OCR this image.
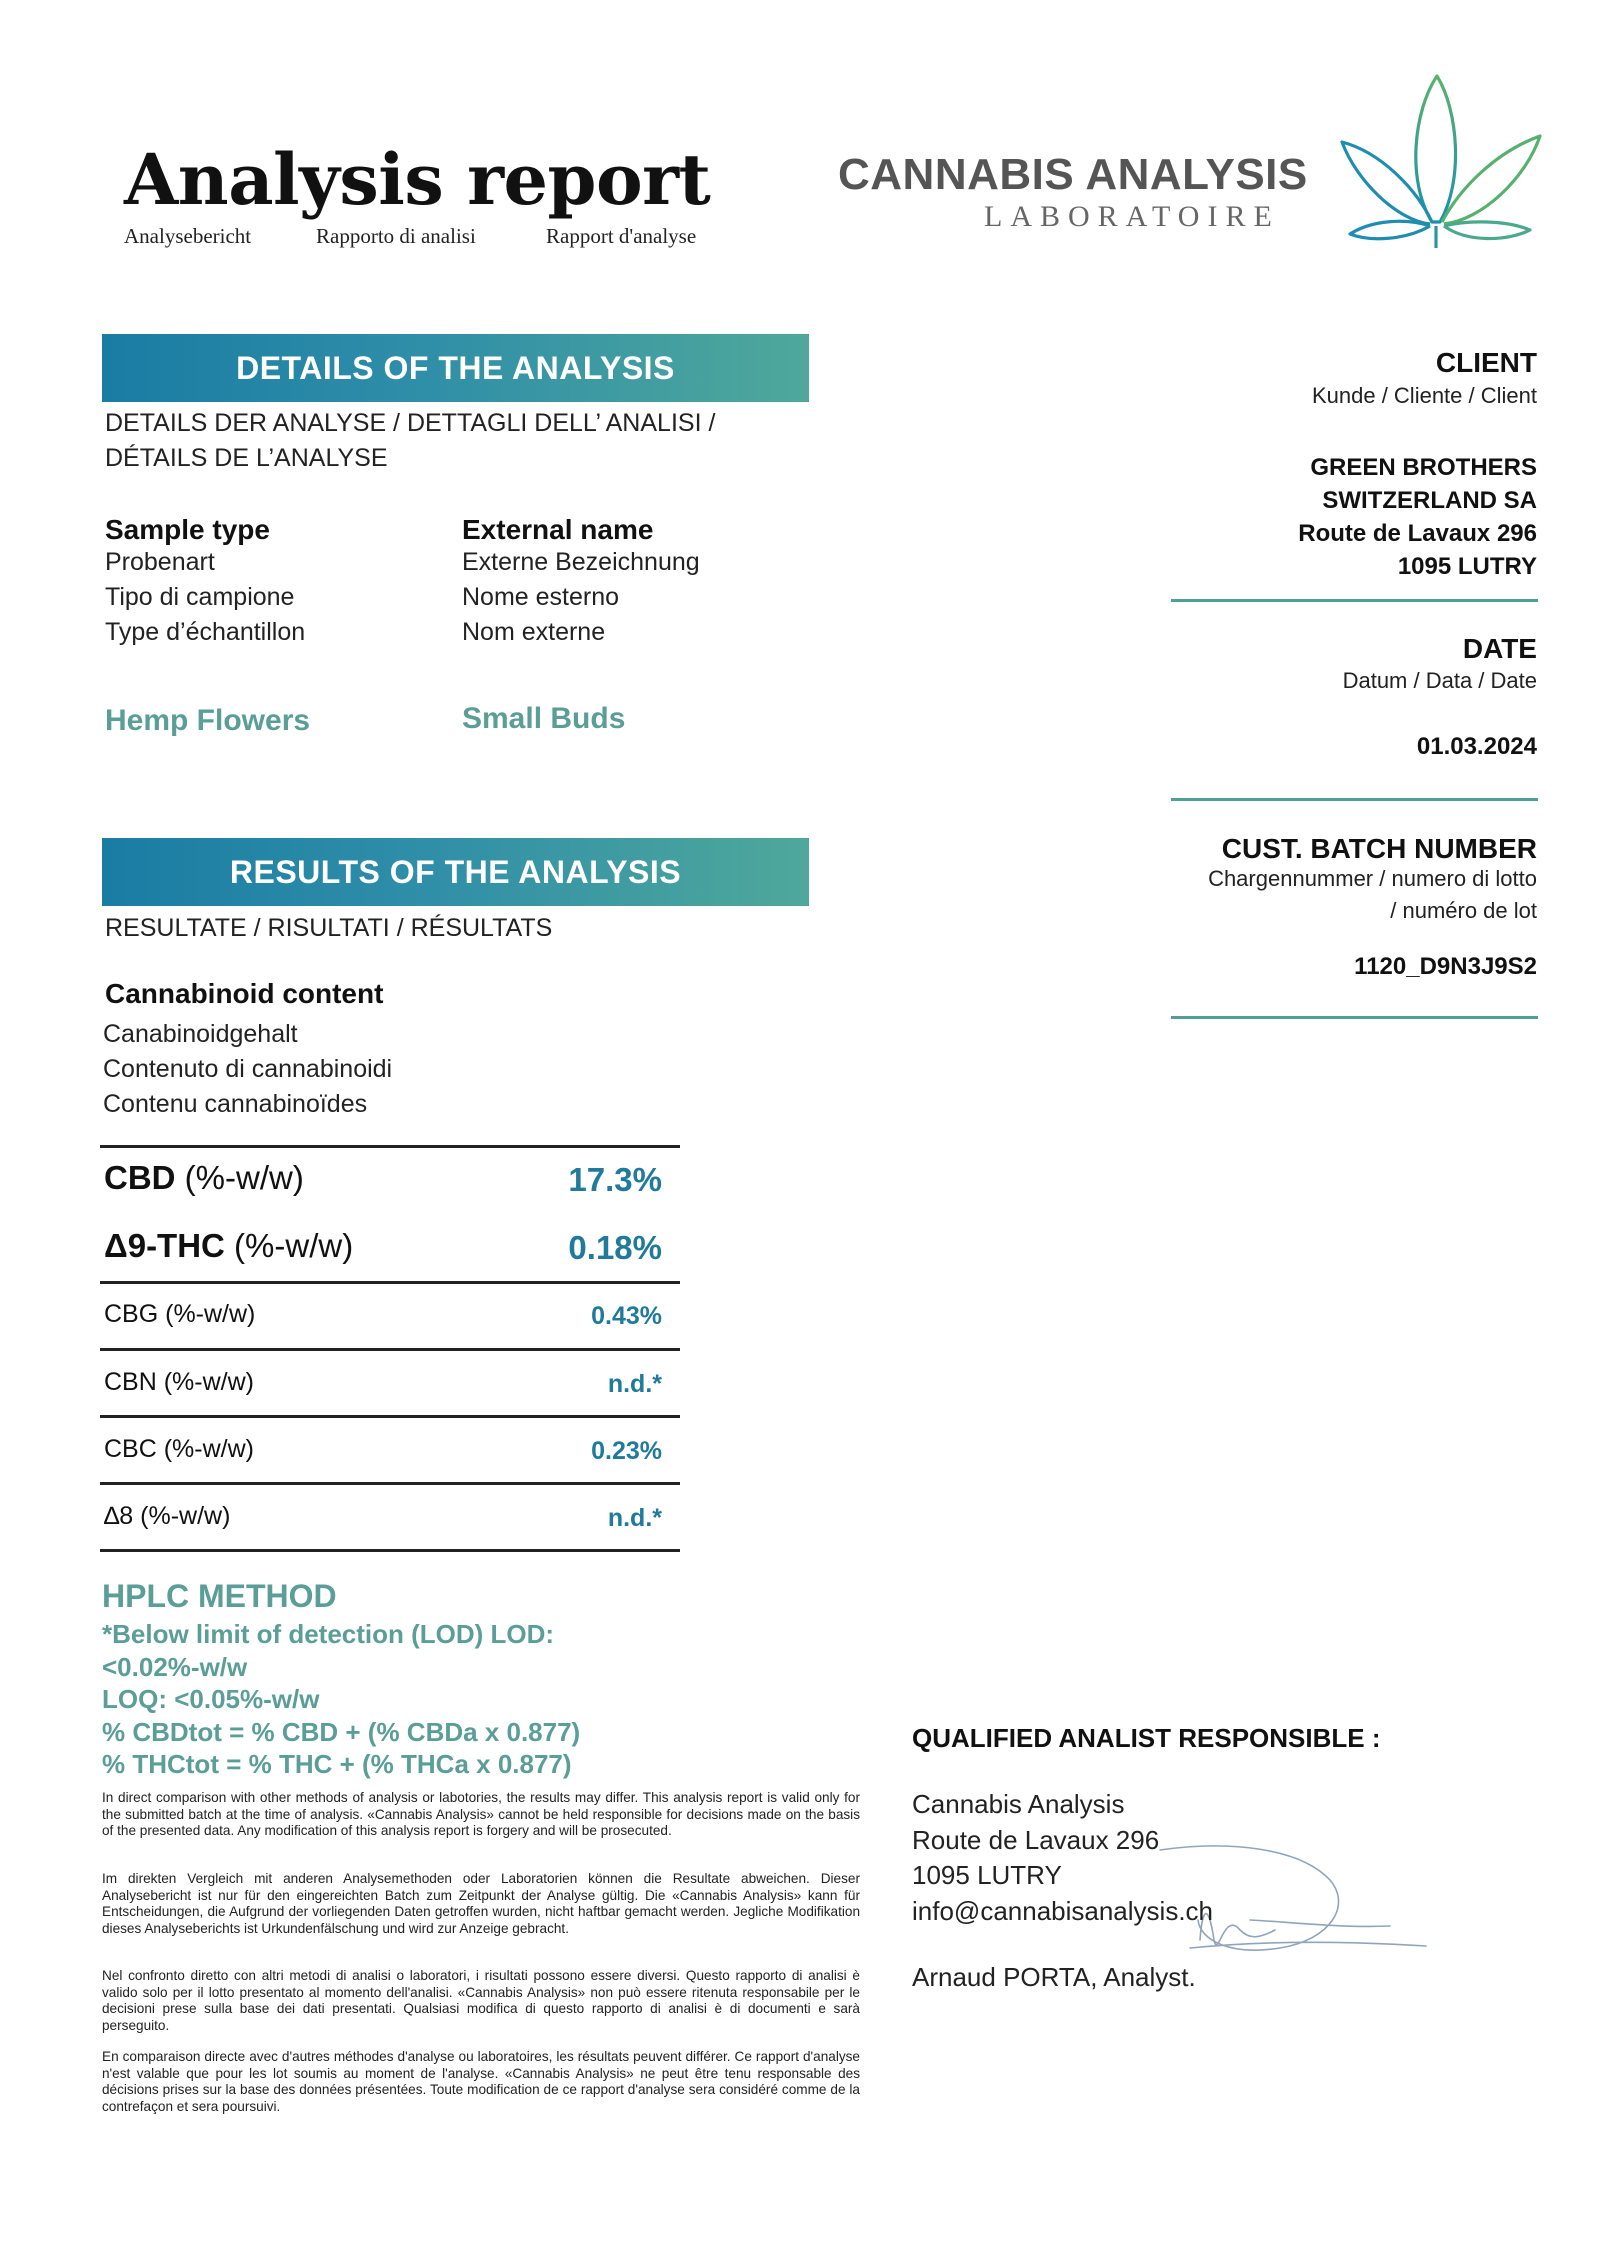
Analysis report
Analysebericht	Rapporto di analisi	Rapport d'analyse
CANNABIS ANALYSIS
LABORATOIRE
DETAILS OF THE ANALYSIS
DETAILS DER ANALYSE / DETTAGLI DELL’ ANALISI /
DÉTAILS DE L’ANALYSE
Sample type
Probenart
Tipo di campione
Type d’échantillon
Hemp Flowers
External name
Externe Bezeichnung
Nome esterno
Nom externe
Small Buds
RESULTS OF THE ANALYSIS
RESULTATE / RISULTATI / RÉSULTATS
Cannabinoid content
Canabinoidgehalt
Contenuto di cannabinoidi
Contenu cannabinoïdes
CBD (%-w/w)	17.3%
Δ9-THC (%-w/w)	0.18%
CBG (%-w/w)	0.43%
CBN (%-w/w)	n.d.*
CBC (%-w/w)	0.23%
∆8 (%-w/w)	n.d.*
HPLC METHOD
*Below limit of detection (LOD) LOD:
<0.02%-w/w
LOQ: <0.05%-w/w
% CBDtot = % CBD + (% CBDa x 0.877)
% THCtot = % THC + (% THCa x 0.877)
In direct comparison with other methods of analysis or labotories, the results may differ. This analysis report is valid only for the submitted batch at the time of analysis. «Cannabis Analysis» cannot be held responsible for decisions made on the basis of the presented data. Any modification of this analysis report is forgery and will be prosecuted.
Im direkten Vergleich mit anderen Analysemethoden oder Laboratorien können die Resultate abweichen. Dieser Analysebericht ist nur für den eingereichten Batch zum Zeitpunkt der Analyse gültig. Die «Cannabis Analysis» kann für Entscheidungen, die Aufgrund der vorliegenden Daten getroffen wurden, nicht haftbar gemacht werden. Jegliche Modifikation dieses Analyseberichts ist Urkundenfälschung und wird zur Anzeige gebracht.
Nel confronto diretto con altri metodi di analisi o laboratori, i risultati possono essere diversi. Questo rapporto di analisi è valido solo per il lotto presentato al momento dell'analisi. «Cannabis Analysis» non può essere ritenuta responsabile per le decisioni prese sulla base dei dati presentati. Qualsiasi modifica di questo rapporto di analisi è di documenti e sarà perseguito.
En comparaison directe avec d'autres méthodes d'analyse ou laboratoires, les résultats peuvent différer. Ce rapport d'analyse n'est valable que pour les lot soumis au moment de l'analyse. «Cannabis Analysis» ne peut être tenu responsable des décisions prises sur la base des données présentées. Toute modification de ce rapport d'analyse sera considéré comme de la contrefaçon et sera poursuivi.
CLIENT
Kunde / Cliente / Client
GREEN BROTHERS
SWITZERLAND SA
Route de Lavaux 296
1095 LUTRY
DATE
Datum / Data / Date
01.03.2024
CUST. BATCH NUMBER
Chargennummer / numero di lotto
/ numéro de lot
1120_D9N3J9S2
QUALIFIED ANALIST RESPONSIBLE :
Cannabis Analysis
Route de Lavaux 296
1095 LUTRY
info@cannabisanalysis.ch
Arnaud PORTA, Analyst.
